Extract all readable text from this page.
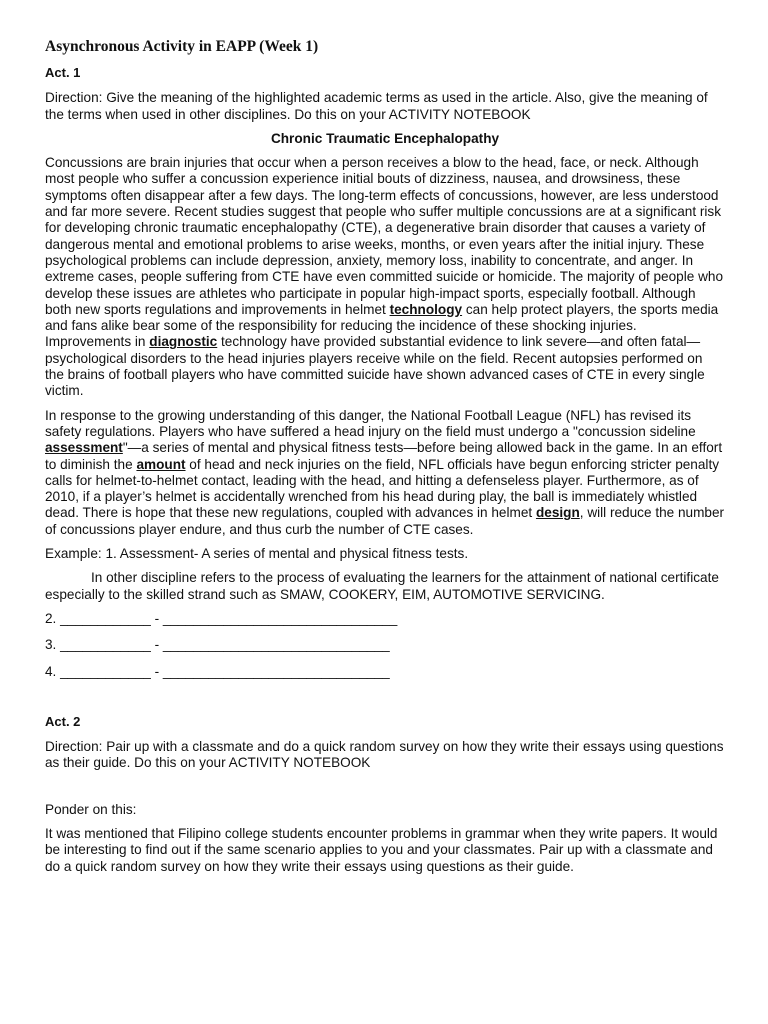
Asynchronous Activity in EAPP (Week 1)
Act. 1

Direction: Give the meaning of the highlighted academic terms as used in the article. Also, give the meaning of the terms when used in other disciplines. Do this on your ACTIVITY NOTEBOOK

Chronic Traumatic Encephalopathy

Concussions are brain injuries that occur when a person receives a blow to the head, face, or neck. Although most people who suffer a concussion experience initial bouts of dizziness, nausea, and drowsiness, these symptoms often disappear after a few days. The long-term effects of concussions, however, are less understood and far more severe. Recent studies suggest that people who suffer multiple concussions are at a significant risk for developing chronic traumatic encephalopathy (CTE), a degenerative brain disorder that causes a variety of dangerous mental and emotional problems to arise weeks, months, or even years after the initial injury. These psychological problems can include depression, anxiety, memory loss, inability to concentrate, and anger. In extreme cases, people suffering from CTE have even committed suicide or homicide. The majority of people who develop these issues are athletes who participate in popular high-impact sports, especially football. Although both new sports regulations and improvements in helmet technology can help protect players, the sports media and fans alike bear some of the responsibility for reducing the incidence of these shocking injuries. Improvements in diagnostic technology have provided substantial evidence to link severe—and often fatal—psychological disorders to the head injuries players receive while on the field. Recent autopsies performed on the brains of football players who have committed suicide have shown advanced cases of CTE in every single victim.

In response to the growing understanding of this danger, the National Football League (NFL) has revised its safety regulations. Players who have suffered a head injury on the field must undergo a "concussion sideline assessment"—a series of mental and physical fitness tests—before being allowed back in the game. In an effort to diminish the amount of head and neck injuries on the field, NFL officials have begun enforcing stricter penalty calls for helmet-to-helmet contact, leading with the head, and hitting a defenseless player. Furthermore, as of 2010, if a player’s helmet is accidentally wrenched from his head during play, the ball is immediately whistled dead. There is hope that these new regulations, coupled with advances in helmet design, will reduce the number of concussions player endure, and thus curb the number of CTE cases.

Example: 1. Assessment- A series of mental and physical fitness tests.

In other discipline refers to the process of evaluating the learners for the attainment of national certificate especially to the skilled strand such as SMAW, COOKERY, EIM, AUTOMOTIVE SERVICING.

2. ____________ - _______________________________
3. ____________ - ______________________________
4. ____________ - ______________________________
Act. 2

Direction: Pair up with a classmate and do a quick random survey on how they write their essays using questions as their guide. Do this on your ACTIVITY NOTEBOOK

Ponder on this:

It was mentioned that Filipino college students encounter problems in grammar when they write papers. It would be interesting to find out if the same scenario applies to you and your classmates. Pair up with a classmate and do a quick random survey on how they write their essays using questions as their guide.
